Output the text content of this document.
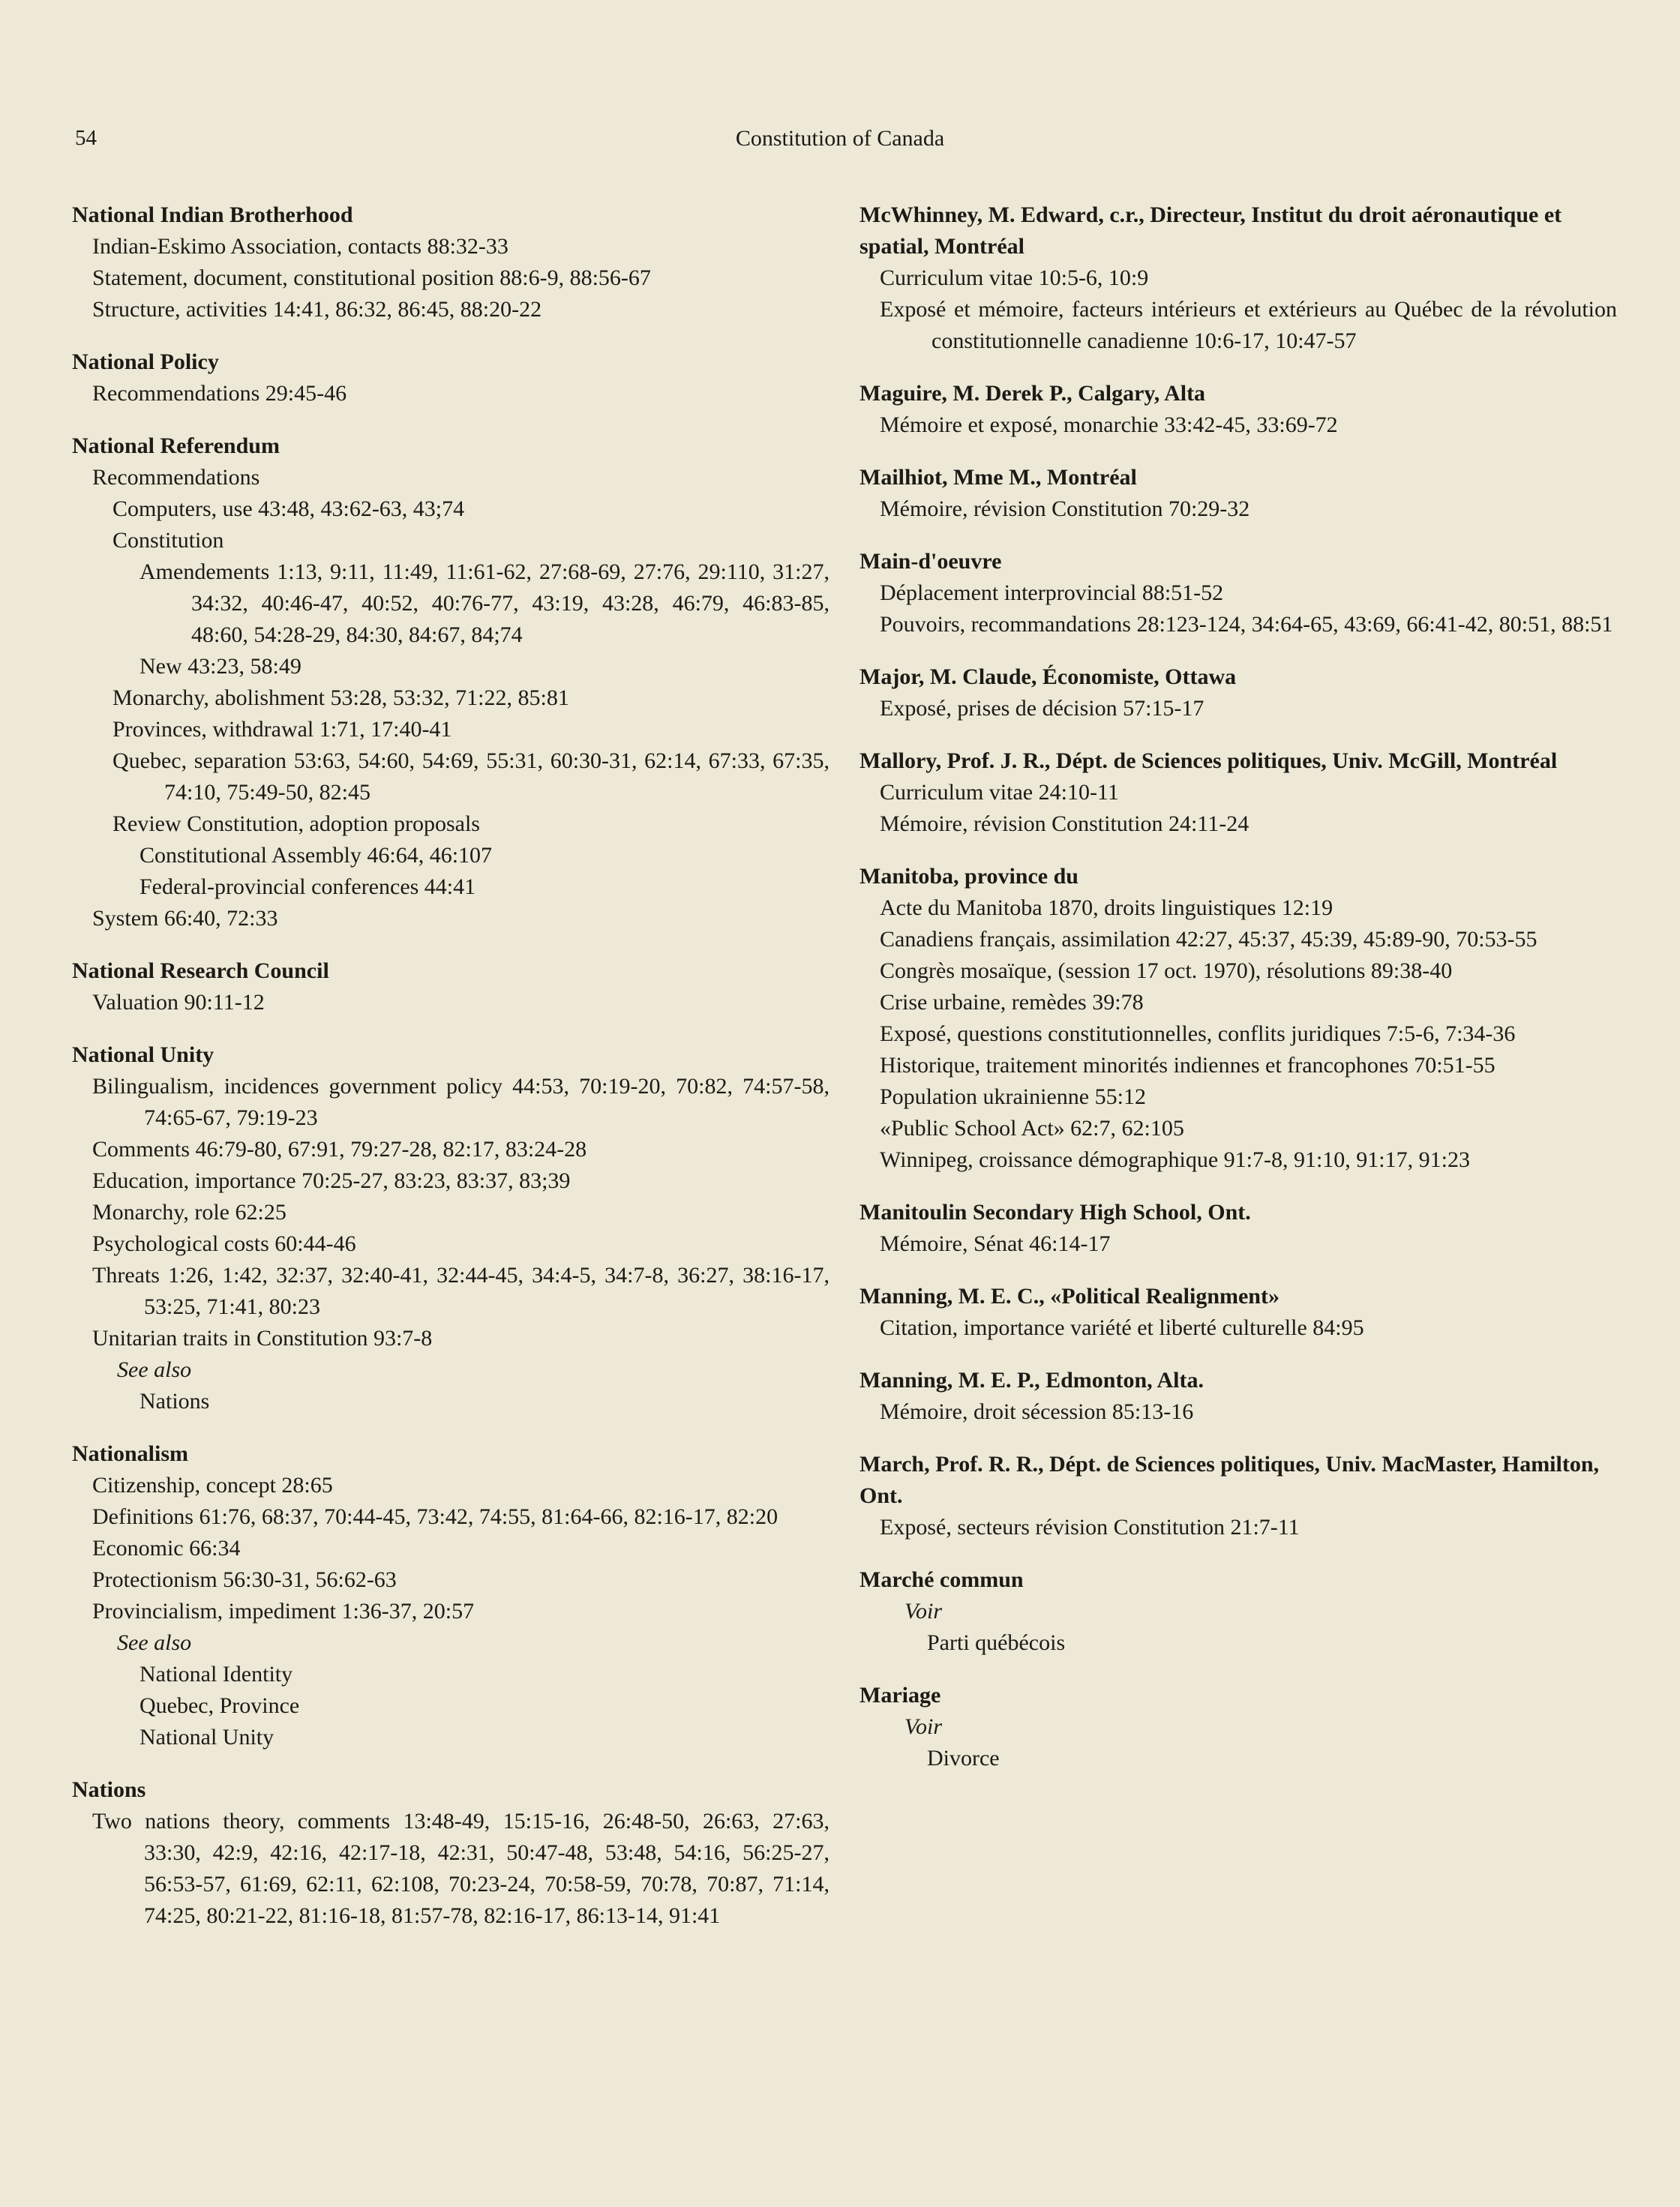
54	Constitution of Canada
National Indian Brotherhood
Indian-Eskimo Association, contacts 88:32-33
Statement, document, constitutional position 88:6-9, 88:56-67
Structure, activities 14:41, 86:32, 86:45, 88:20-22
National Policy
Recommendations 29:45-46
National Referendum
Recommendations
Computers, use 43:48, 43:62-63, 43;74
Constitution
Amendements 1:13, 9:11, 11:49, 11:61-62, 27:68-69, 27:76, 29:110, 31:27, 34:32, 40:46-47, 40:52, 40:76-77, 43:19, 43:28, 46:79, 46:83-85, 48:60, 54:28-29, 84:30, 84:67, 84;74
New 43:23, 58:49
Monarchy, abolishment 53:28, 53:32, 71:22, 85:81
Provinces, withdrawal 1:71, 17:40-41
Quebec, separation 53:63, 54:60, 54:69, 55:31, 60:30-31, 62:14, 67:33, 67:35, 74:10, 75:49-50, 82:45
Review Constitution, adoption proposals
Constitutional Assembly 46:64, 46:107
Federal-provincial conferences 44:41
System 66:40, 72:33
National Research Council
Valuation 90:11-12
National Unity
Bilingualism, incidences government policy 44:53, 70:19-20, 70:82, 74:57-58, 74:65-67, 79:19-23
Comments 46:79-80, 67:91, 79:27-28, 82:17, 83:24-28
Education, importance 70:25-27, 83:23, 83:37, 83;39
Monarchy, role 62:25
Psychological costs 60:44-46
Threats 1:26, 1:42, 32:37, 32:40-41, 32:44-45, 34:4-5, 34:7-8, 36:27, 38:16-17, 53:25, 71:41, 80:23
Unitarian traits in Constitution 93:7-8
See also
Nations
Nationalism
Citizenship, concept 28:65
Definitions 61:76, 68:37, 70:44-45, 73:42, 74:55, 81:64-66, 82:16-17, 82:20
Economic 66:34
Protectionism 56:30-31, 56:62-63
Provincialism, impediment 1:36-37, 20:57
See also
National Identity
Quebec, Province
National Unity
Nations
Two nations theory, comments 13:48-49, 15:15-16, 26:48-50, 26:63, 27:63, 33:30, 42:9, 42:16, 42:17-18, 42:31, 50:47-48, 53:48, 54:16, 56:25-27, 56:53-57, 61:69, 62:11, 62:108, 70:23-24, 70:58-59, 70:78, 70:87, 71:14, 74:25, 80:21-22, 81:16-18, 81:57-78, 82:16-17, 86:13-14, 91:41
McWhinney, M. Edward, c.r., Directeur, Institut du droit aéronautique et spatial, Montréal
Curriculum vitae 10:5-6, 10:9
Exposé et mémoire, facteurs intérieurs et extérieurs au Québec de la révolution constitutionnelle canadienne 10:6-17, 10:47-57
Maguire, M. Derek P., Calgary, Alta
Mémoire et exposé, monarchie 33:42-45, 33:69-72
Mailhiot, Mme M., Montréal
Mémoire, révision Constitution 70:29-32
Main-d'oeuvre
Déplacement interprovincial 88:51-52
Pouvoirs, recommandations 28:123-124, 34:64-65, 43:69, 66:41-42, 80:51, 88:51
Major, M. Claude, Économiste, Ottawa
Exposé, prises de décision 57:15-17
Mallory, Prof. J. R., Dépt. de Sciences politiques, Univ. McGill, Montréal
Curriculum vitae 24:10-11
Mémoire, révision Constitution 24:11-24
Manitoba, province du
Acte du Manitoba 1870, droits linguistiques 12:19
Canadiens français, assimilation 42:27, 45:37, 45:39, 45:89-90, 70:53-55
Congrès mosaïque, (session 17 oct. 1970), résolutions 89:38-40
Crise urbaine, remèdes 39:78
Exposé, questions constitutionnelles, conflits juridiques 7:5-6, 7:34-36
Historique, traitement minorités indiennes et francophones 70:51-55
Population ukrainienne 55:12
«Public School Act» 62:7, 62:105
Winnipeg, croissance démographique 91:7-8, 91:10, 91:17, 91:23
Manitoulin Secondary High School, Ont.
Mémoire, Sénat 46:14-17
Manning, M. E. C., «Political Realignment»
Citation, importance variété et liberté culturelle 84:95
Manning, M. E. P., Edmonton, Alta.
Mémoire, droit sécession 85:13-16
March, Prof. R. R., Dépt. de Sciences politiques, Univ. MacMaster, Hamilton, Ont.
Exposé, secteurs révision Constitution 21:7-11
Marché commun
Voir
Parti québécois
Mariage
Voir
Divorce
